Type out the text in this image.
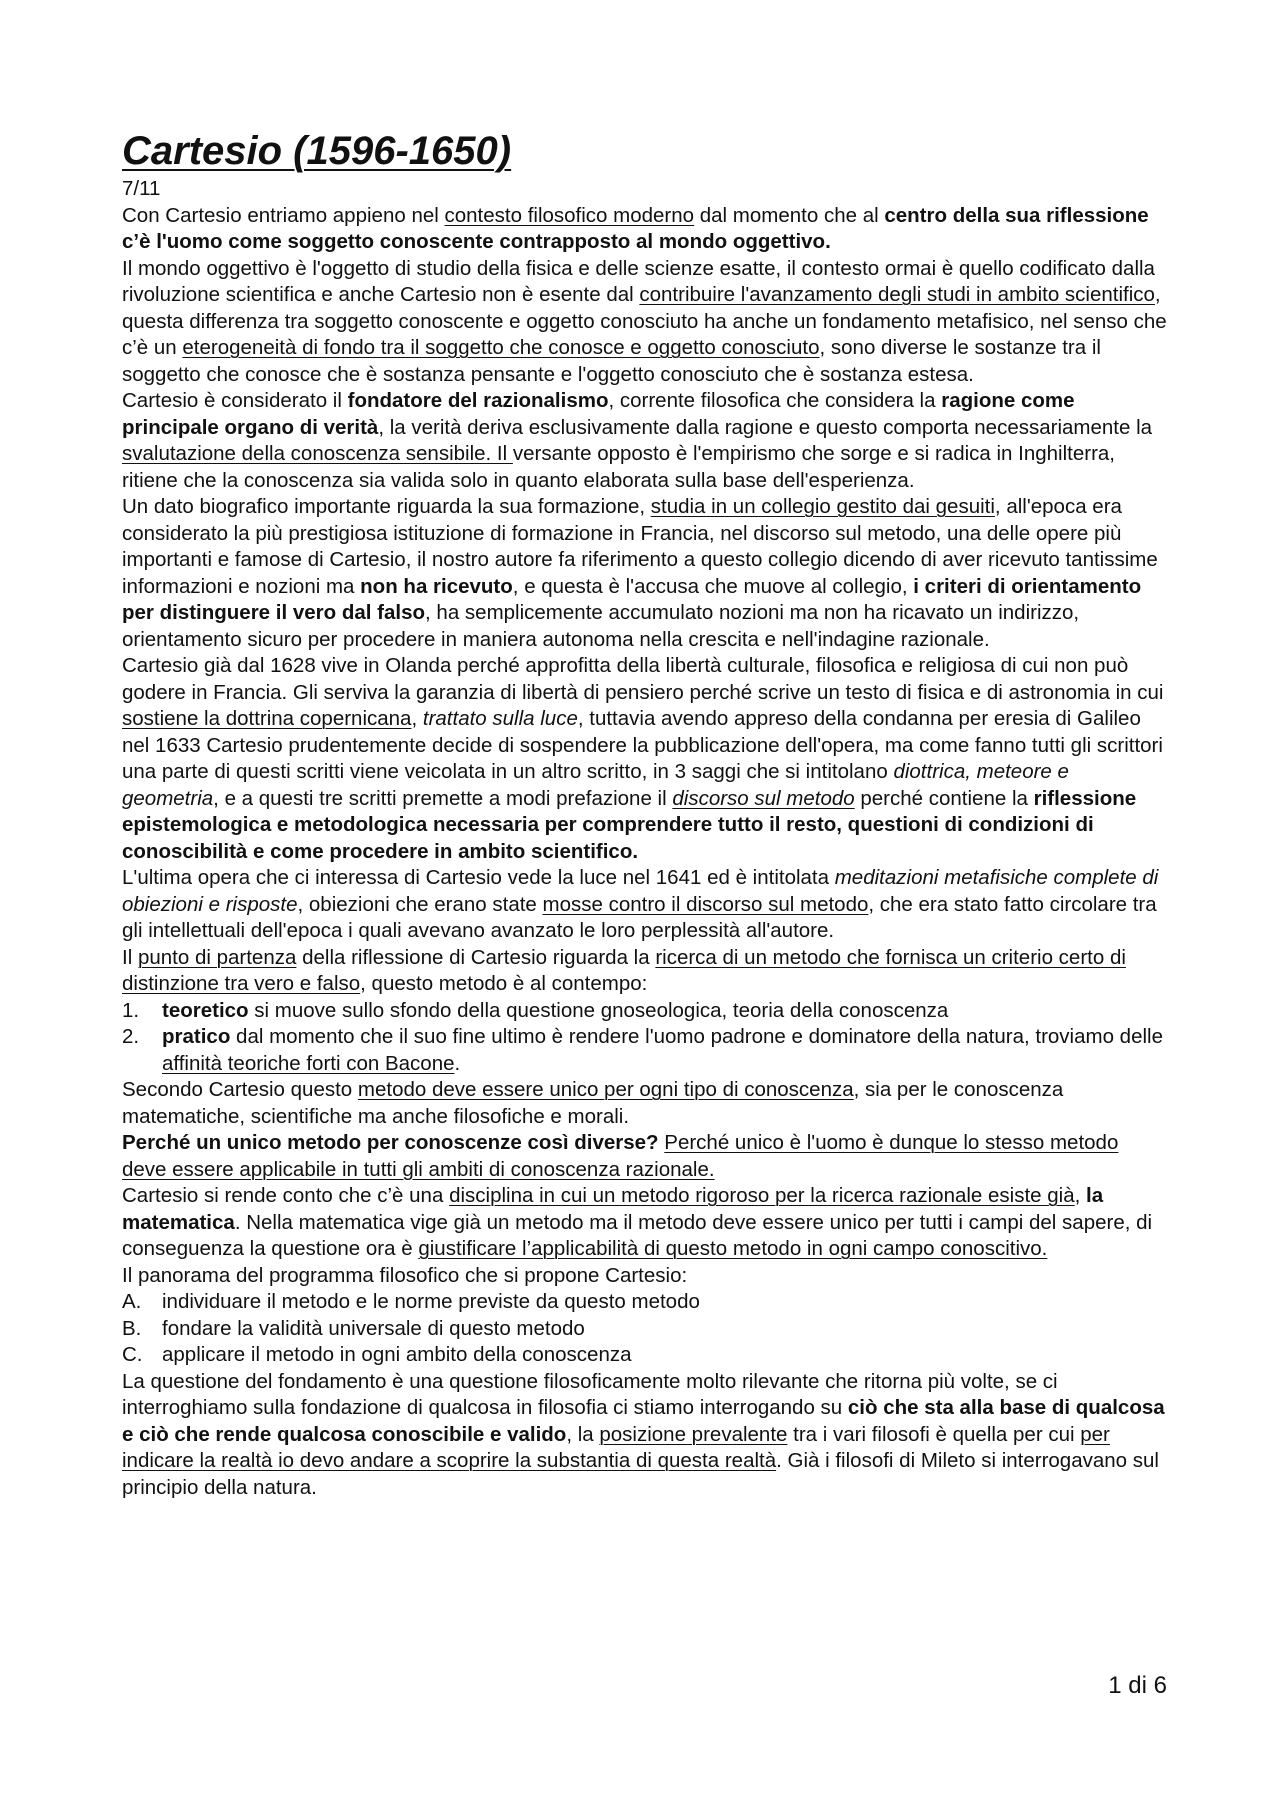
Cartesio (1596-1650)

7/11

Con Cartesio entriamo appieno nel contesto filosofico moderno dal momento che al centro della sua riflessione c’è l'uomo come soggetto conoscente contrapposto al mondo oggettivo.

Il mondo oggettivo è l'oggetto di studio della fisica e delle scienze esatte, il contesto ormai è quello codificato dalla rivoluzione scientifica e anche Cartesio non è esente dal contribuire l'avanzamento degli studi in ambito scientifico, questa differenza tra soggetto conoscente e oggetto conosciuto ha anche un fondamento metafisico, nel senso che c’è un eterogeneità di fondo tra il soggetto che conosce e oggetto conosciuto, sono diverse le sostanze tra il soggetto che conosce che è sostanza pensante e l'oggetto conosciuto che è sostanza estesa.

Cartesio è considerato il fondatore del razionalismo, corrente filosofica che considera la ragione come principale organo di verità, la verità deriva esclusivamente dalla ragione e questo comporta necessariamente la svalutazione della conoscenza sensibile. Il versante opposto è l'empirismo che sorge e si radica in Inghilterra, ritiene che la conoscenza sia valida solo in quanto elaborata sulla base dell'esperienza.

Un dato biografico importante riguarda la sua formazione, studia in un collegio gestito dai gesuiti, all'epoca era considerato la più prestigiosa istituzione di formazione in Francia, nel discorso sul metodo, una delle opere più importanti e famose di Cartesio, il nostro autore fa riferimento a questo collegio dicendo di aver ricevuto tantissime informazioni e nozioni ma non ha ricevuto, e questa è l'accusa che muove al collegio, i criteri di orientamento per distinguere il vero dal falso, ha semplicemente accumulato nozioni ma non ha ricavato un indirizzo, orientamento sicuro per procedere in maniera autonoma nella crescita e nell'indagine razionale.

Cartesio già dal 1628 vive in Olanda perché approfitta della libertà culturale, filosofica e religiosa di cui non può godere in Francia. Gli serviva la garanzia di libertà di pensiero perché scrive un testo di fisica e di astronomia in cui sostiene la dottrina copernicana, trattato sulla luce, tuttavia avendo appreso della condanna per eresia di Galileo nel 1633 Cartesio prudentemente decide di sospendere la pubblicazione dell'opera, ma come fanno tutti gli scrittori una parte di questi scritti viene veicolata in un altro scritto, in 3 saggi che si intitolano diottrica, meteore e geometria, e a questi tre scritti premette a modi prefazione il discorso sul metodo perché contiene la riflessione epistemologica e metodologica necessaria per comprendere tutto il resto, questioni di condizioni di conoscibilità e come procedere in ambito scientifico.

L'ultima opera che ci interessa di Cartesio vede la luce nel 1641 ed è intitolata meditazioni metafisiche complete di obiezioni e risposte, obiezioni che erano state mosse contro il discorso sul metodo, che era stato fatto circolare tra gli intellettuali dell'epoca i quali avevano avanzato le loro perplessità all'autore.

Il punto di partenza della riflessione di Cartesio riguarda la ricerca di un metodo che fornisca un criterio certo di distinzione tra vero e falso, questo metodo è al contempo:

1.	teoretico si muove sullo sfondo della questione gnoseologica, teoria della conoscenza
2.	pratico dal momento che il suo fine ultimo è rendere l'uomo padrone e dominatore della natura, troviamo delle affinità teoriche forti con Bacone.

Secondo Cartesio questo metodo deve essere unico per ogni tipo di conoscenza, sia per le conoscenza matematiche, scientifiche ma anche filosofiche e morali.

Perché un unico metodo per conoscenze così diverse? Perché unico è l'uomo è dunque lo stesso metodo deve essere applicabile in tutti gli ambiti di conoscenza razionale.

Cartesio si rende conto che c’è una disciplina in cui un metodo rigoroso per la ricerca razionale esiste già, la matematica. Nella matematica vige già un metodo ma il metodo deve essere unico per tutti i campi del sapere, di conseguenza la questione ora è giustificare l’applicabilità di questo metodo in ogni campo conoscitivo.

Il panorama del programma filosofico che si propone Cartesio:

A.	individuare il metodo e le norme previste da questo metodo
B.	fondare la validità universale di questo metodo
C. applicare il metodo in ogni ambito della conoscenza

La questione del fondamento è una questione filosoficamente molto rilevante che ritorna più volte, se ci interroghiamo sulla fondazione di qualcosa in filosofia ci stiamo interrogando su ciò che sta alla base di qualcosa e ciò che rende qualcosa conoscibile e valido, la posizione prevalente tra i vari filosofi è quella per cui per indicare la realtà io devo andare a scoprire la substantia di questa realtà. Già i filosofi di Mileto si interrogavano sul principio della natura.

1 di 6
